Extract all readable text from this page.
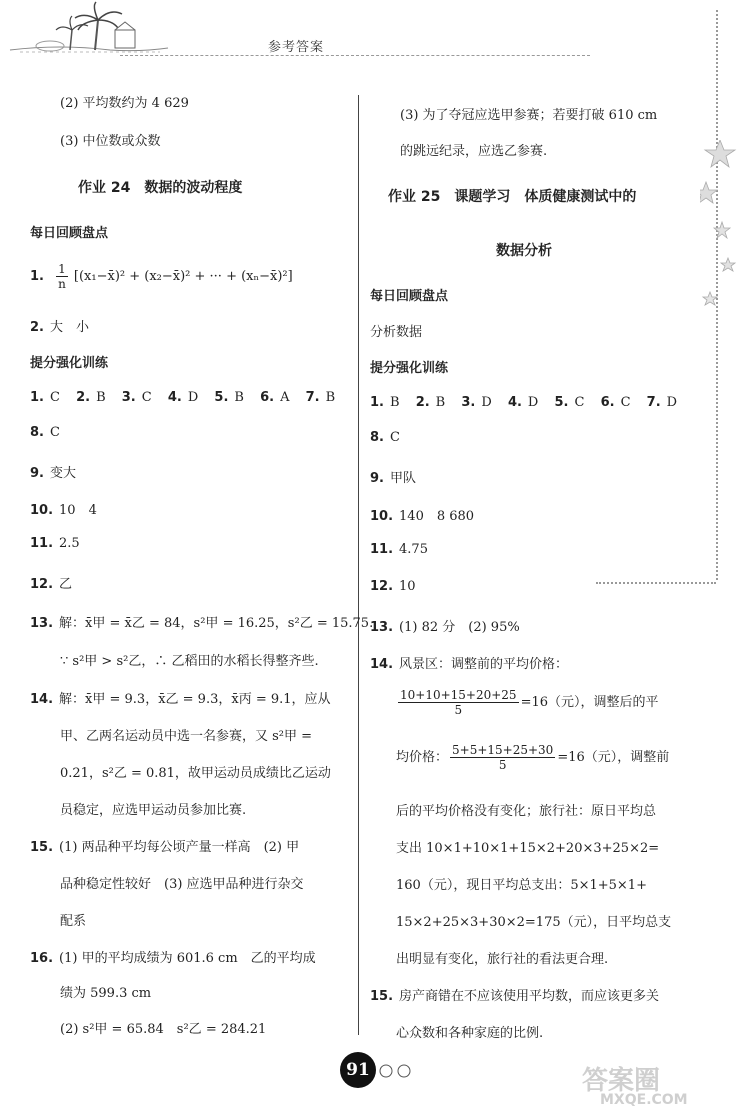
参考答案
(2) 平均数约为 4 629
(3) 中位数或众数
作业 24　数据的波动程度
每日回顾盘点
1. $\frac{1}{n}$ [(x₁−x̄)² + (x₂−x̄)² + ··· + (xₙ−x̄)²]
2. 大　小
提分强化训练
1. C 2. B 3. C 4. D 5. B 6. A 7. B
8. C
9. 变大
10. 10　4
11. 2.5
12. 乙
13. 解：x̄甲 = x̄乙 = 84，s²甲 = 16.25，s²乙 = 15.75.
∵ s²甲 > s²乙，∴ 乙稻田的水稻长得整齐些.
14. 解：x̄甲 = 9.3，x̄乙 = 9.3，x̄丙 = 9.1，应从
甲、乙两名运动员中选一名参赛，又 s²甲 =
0.21，s²乙 = 0.81，故甲运动员成绩比乙运动
员稳定，应选甲运动员参加比赛.
15. (1) 两品种平均每公顷产量一样高　(2) 甲
品种稳定性较好　(3) 应选甲品种进行杂交
配系
16. (1) 甲的平均成绩为 601.6 cm　乙的平均成
绩为 599.3 cm
(2) s²甲 = 65.84　s²乙 = 284.21
(3) 为了夺冠应选甲参赛；若要打破 610 cm
的跳远纪录，应选乙参赛.
作业 25　课题学习　体质健康测试中的
数据分析
每日回顾盘点
分析数据
提分强化训练
1. B 2. B 3. D 4. D 5. C 6. C 7. D
8. C
9. 甲队
10. 140　8 680
11. 4.75
12. 10
13. (1) 82 分　(2) 95%
14. 风景区：调整前的平均价格：
$\frac{10+10+15+20+25}{5} =16$（元），调整后的平
均价格： $\frac{5+5+15+25+30}{5} =16$（元），调整前
后的平均价格没有变化；旅行社：原日平均总
支出 10×1+10×1+15×2+20×3+25×2=
160（元），现日平均总支出：5×1+5×1+
15×2+25×3+30×2=175（元），日平均总支
出明显有变化，旅行社的看法更合理.
15. 房产商错在不应该使用平均数，而应该更多关
心众数和各种家庭的比例.
91	答案圈
MXQE.COM
